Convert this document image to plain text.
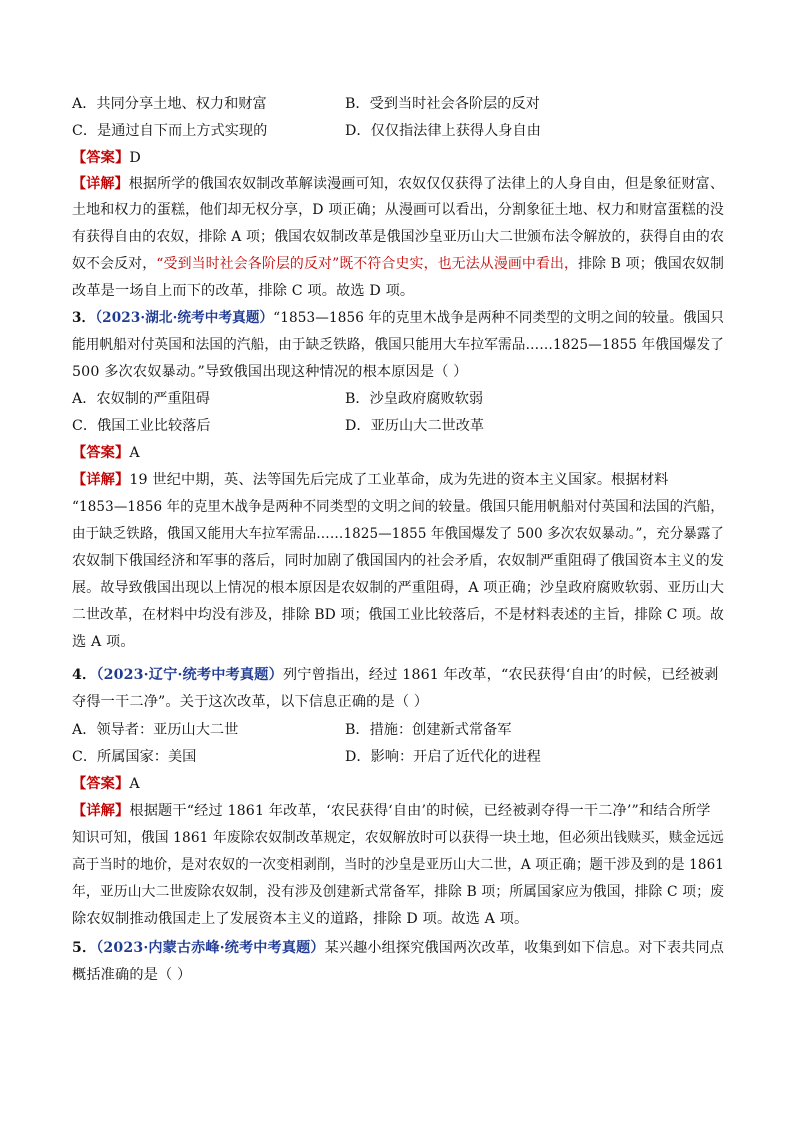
A．共同分享土地、权力和财富	B．受到当时社会各阶层的反对
C．是通过自下而上方式实现的	D．仅仅指法律上获得人身自由
【答案】D
【详解】根据所学的俄国农奴制改革解读漫画可知，农奴仅仅获得了法律上的人身自由，但是象征财富、
土地和权力的蛋糕，他们却无权分享，D 项正确；从漫画可以看出，分割象征土地、权力和财富蛋糕的没
有获得自由的农奴，排除 A 项；俄国农奴制改革是俄国沙皇亚历山大二世颁布法令解放的，获得自由的农
奴不会反对，“受到当时社会各阶层的反对”既不符合史实，也无法从漫画中看出，排除 B 项；俄国农奴制
改革是一场自上而下的改革，排除 C 项。故选 D 项。
3．（2023·湖北·统考中考真题）“1853—1856 年的克里木战争是两种不同类型的文明之间的较量。俄国只
能用帆船对付英国和法国的汽船，由于缺乏铁路，俄国只能用大车拉军需品……1825—1855 年俄国爆发了
500 多次农奴暴动。”导致俄国出现这种情况的根本原因是（ ）
A．农奴制的严重阻碍	B．沙皇政府腐败软弱
C．俄国工业比较落后	D．亚历山大二世改革
【答案】A
【详解】19 世纪中期，英、法等国先后完成了工业革命，成为先进的资本主义国家。根据材料
“1853—1856 年的克里木战争是两种不同类型的文明之间的较量。俄国只能用帆船对付英国和法国的汽船，
由于缺乏铁路，俄国又能用大车拉军需品……1825—1855 年俄国爆发了 500 多次农奴暴动。”，充分暴露了
农奴制下俄国经济和军事的落后，同时加剧了俄国国内的社会矛盾，农奴制严重阻碍了俄国资本主义的发
展。故导致俄国出现以上情况的根本原因是农奴制的严重阻碍，A 项正确；沙皇政府腐败软弱、亚历山大
二世改革，在材料中均没有涉及，排除 BD 项；俄国工业比较落后，不是材料表述的主旨，排除 C 项。故
选 A 项。
4．（2023·辽宁·统考中考真题）列宁曾指出，经过 1861 年改革，“农民获得‘自由’的时候，已经被剥
夺得一干二净”。关于这次改革，以下信息正确的是（ ）
A．领导者：亚历山大二世	B．措施：创建新式常备军
C．所属国家：美国	D．影响：开启了近代化的进程
【答案】A
【详解】根据题干“经过 1861 年改革，‘农民获得‘自由’的时候，已经被剥夺得一干二净’”和结合所学
知识可知，俄国 1861 年废除农奴制改革规定，农奴解放时可以获得一块土地，但必须出钱赎买，赎金远远
高于当时的地价，是对农奴的一次变相剥削，当时的沙皇是亚历山大二世，A 项正确；题干涉及到的是 1861
年，亚历山大二世废除农奴制，没有涉及创建新式常备军，排除 B 项；所属国家应为俄国，排除 C 项；废
除农奴制推动俄国走上了发展资本主义的道路，排除 D 项。故选 A 项。
5．（2023·内蒙古赤峰·统考中考真题）某兴趣小组探究俄国两次改革，收集到如下信息。对下表共同点
概括准确的是（ ）
